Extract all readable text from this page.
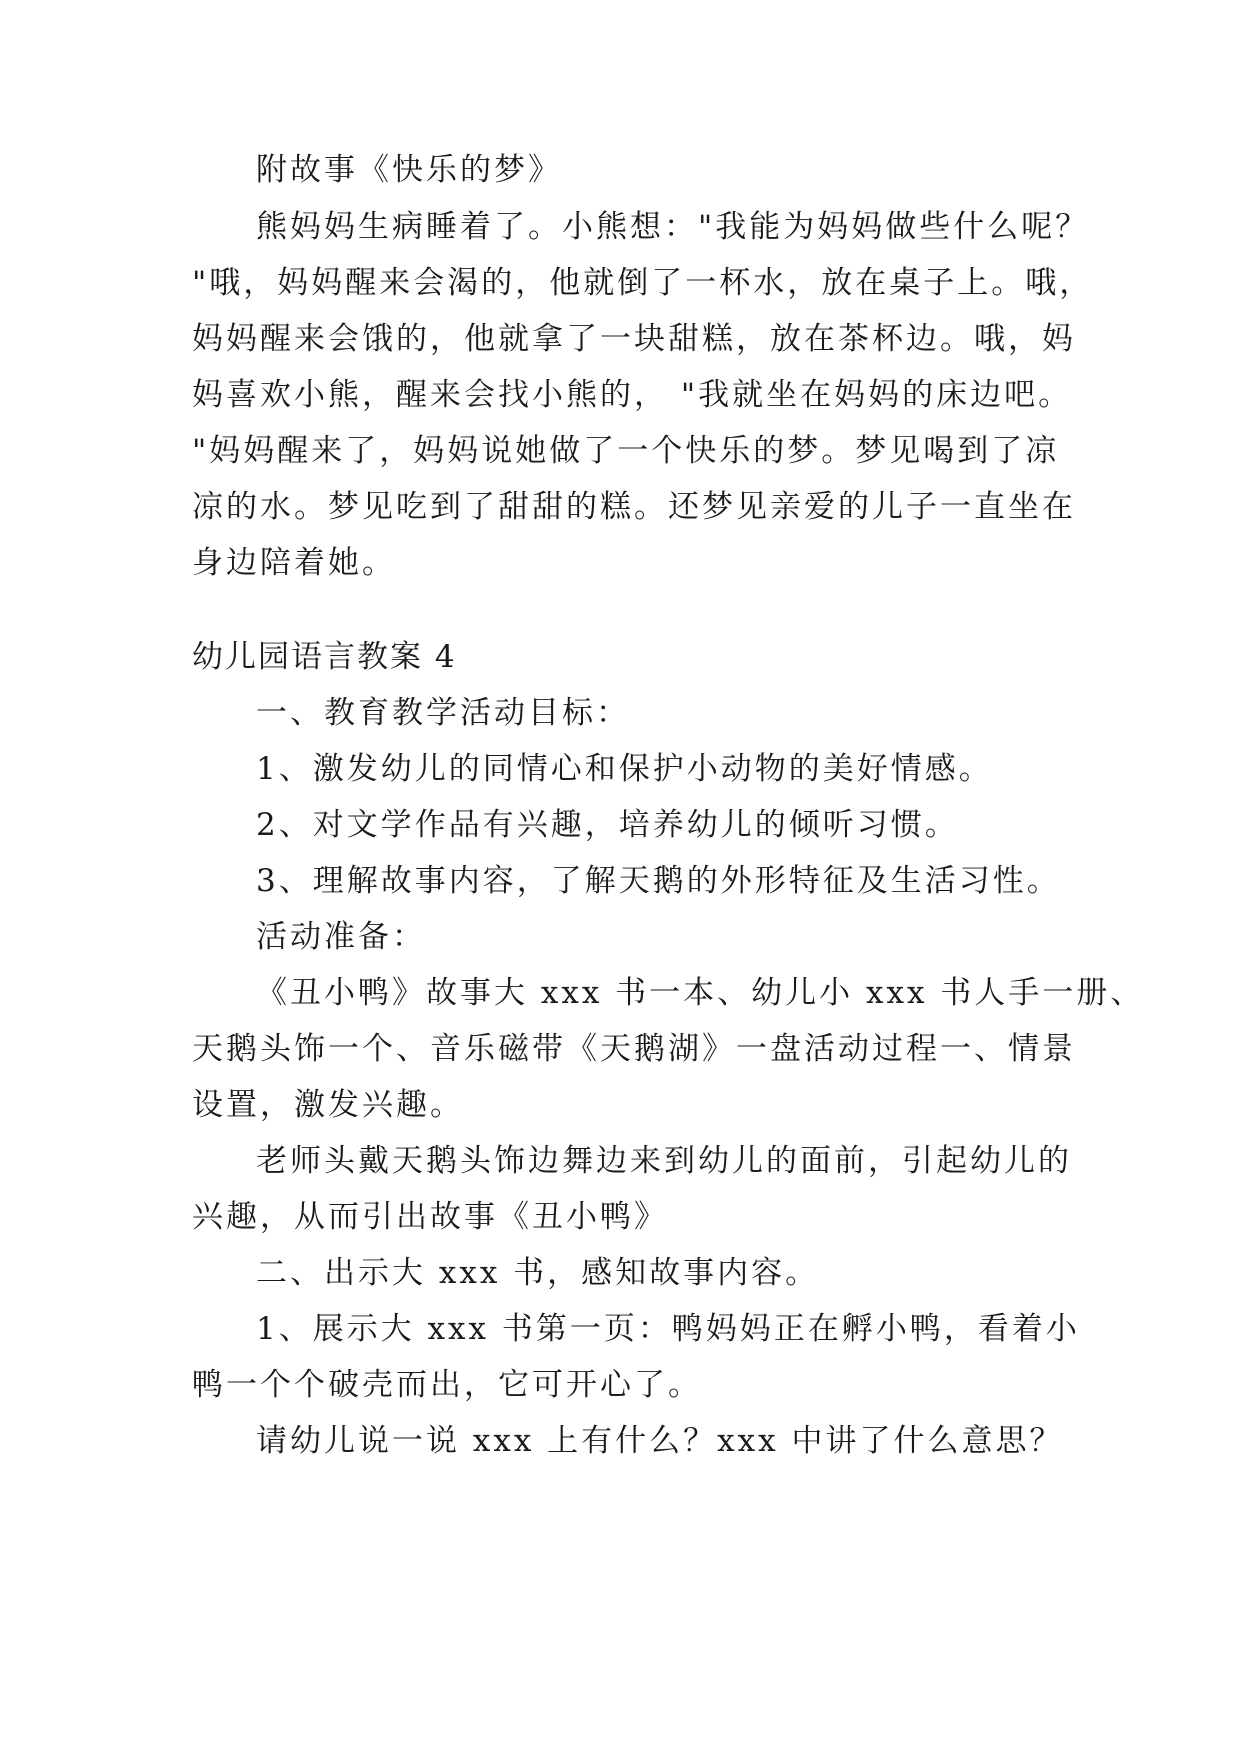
附故事《快乐的梦》
熊妈妈生病睡着了。小熊想："我能为妈妈做些什么呢？
"哦，妈妈醒来会渴的，他就倒了一杯水，放在桌子上。哦，
妈妈醒来会饿的，他就拿了一块甜糕，放在茶杯边。哦，妈
妈喜欢小熊，醒来会找小熊的， "我就坐在妈妈的床边吧。
"妈妈醒来了，妈妈说她做了一个快乐的梦。梦见喝到了凉
凉的水。梦见吃到了甜甜的糕。还梦见亲爱的儿子一直坐在
身边陪着她。
幼儿园语言教案 4
一、教育教学活动目标：
1、激发幼儿的同情心和保护小动物的美好情感。
2、对文学作品有兴趣，培养幼儿的倾听习惯。
3、理解故事内容，了解天鹅的外形特征及生活习性。
活动准备：
《丑小鸭》故事大 xxx 书一本、幼儿小 xxx 书人手一册、
天鹅头饰一个、音乐磁带《天鹅湖》一盘活动过程一、情景
设置，激发兴趣。
老师头戴天鹅头饰边舞边来到幼儿的面前，引起幼儿的
兴趣，从而引出故事《丑小鸭》
二、出示大 xxx 书，感知故事内容。
1、展示大 xxx 书第一页：鸭妈妈正在孵小鸭，看着小
鸭一个个破壳而出，它可开心了。
请幼儿说一说 xxx 上有什么？xxx 中讲了什么意思？
